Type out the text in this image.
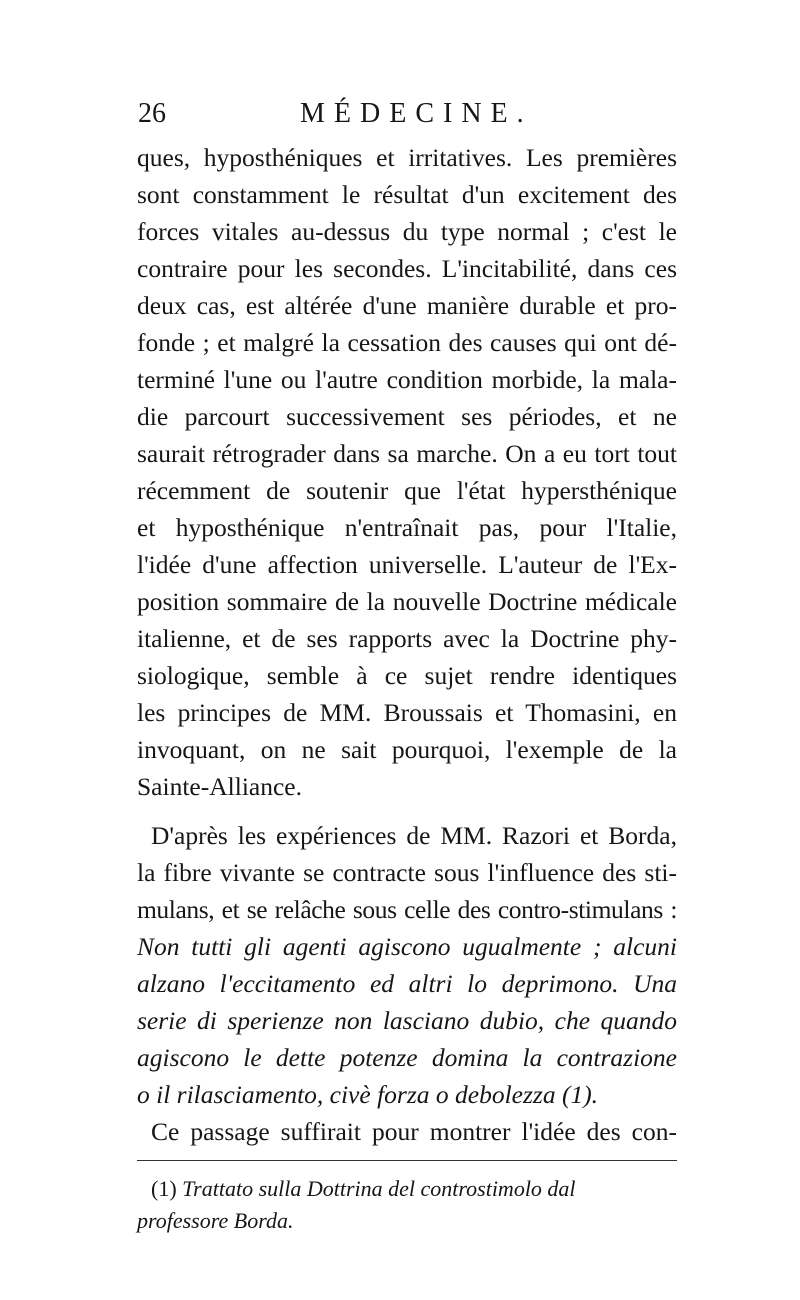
26	MÉDECINE.
ques, hyposthéniques et irritatives. Les premières
sont constamment le résultat d'un excitement des
forces vitales au-dessus du type normal ; c'est le
contraire pour les secondes. L'incitabilité, dans ces
deux cas, est altérée d'une manière durable et pro-
fonde ; et malgré la cessation des causes qui ont dé-
terminé l'une ou l'autre condition morbide, la mala-
die parcourt successivement ses périodes, et ne
saurait rétrograder dans sa marche. On a eu tort tout
récemment de soutenir que l'état hypersthénique
et hyposthénique n'entraînait pas, pour l'Italie,
l'idée d'une affection universelle. L'auteur de l'Ex-
position sommaire de la nouvelle Doctrine médicale
italienne, et de ses rapports avec la Doctrine phy-
siologique, semble à ce sujet rendre identiques
les principes de MM. Broussais et Thomasini, en
invoquant, on ne sait pourquoi, l'exemple de la
Sainte-Alliance.
D'après les expériences de MM. Razori et Borda,
la fibre vivante se contracte sous l'influence des sti-
mulans, et se relâche sous celle des contro-stimulans :
Non tutti gli agenti agiscono ugualmente ; alcuni
alzano l'eccitamento ed altri lo deprimono. Una
serie di sperienze non lasciano dubio, che quando
agiscono le dette potenze domina la contrazione
o il rilasciamento, civè forza o debolezza (1).
Ce passage suffirait pour montrer l'idée des con-
(1) Trattato sulla Dottrina del controstimolo dal
professore Borda.
